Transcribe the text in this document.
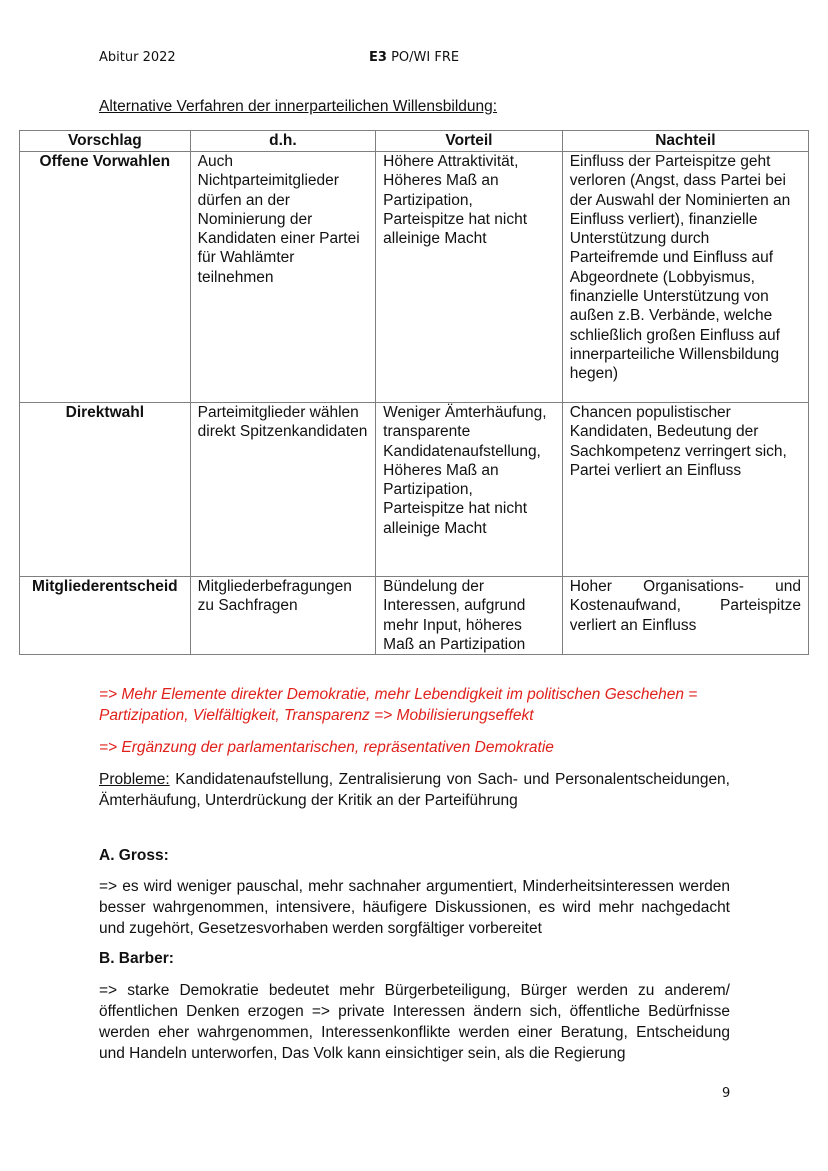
Abitur 2022	E3 PO/WI FRE
Alternative Verfahren der innerparteilichen Willensbildung:
Vorschlag	d.h.	Vorteil	Nachteil
Offene Vorwahlen	Auch Nichtparteimitglieder dürfen an der Nominierung der Kandidaten einer Partei für Wahlämter teilnehmen	Höhere Attraktivität, Höheres Maß an Partizipation, Parteispitze hat nicht alleinige Macht	Einfluss der Parteispitze geht verloren (Angst, dass Partei bei der Auswahl der Nominierten an Einfluss verliert), finanzielle Unterstützung durch Parteifremde und Einfluss auf Abgeordnete (Lobbyismus, finanzielle Unterstützung von außen z.B. Verbände, welche schließlich großen Einfluss auf innerparteiliche Willensbildung hegen)
Direktwahl	Parteimitglieder wählen direkt Spitzenkandidaten	Weniger Ämterhäufung, transparente Kandidatenaufstellung, Höheres Maß an Partizipation, Parteispitze hat nicht alleinige Macht	Chancen populistischer Kandidaten, Bedeutung der Sachkompetenz verringert sich, Partei verliert an Einfluss
Mitgliederentscheid	Mitgliederbefragungen zu Sachfragen	Bündelung der Interessen, aufgrund mehr Input, höheres Maß an Partizipation	Hoher Organisations- und Kostenaufwand, Parteispitze verliert an Einfluss
=> Mehr Elemente direkter Demokratie, mehr Lebendigkeit im politischen Geschehen = Partizipation, Vielfältigkeit, Transparenz => Mobilisierungseffekt
=> Ergänzung der parlamentarischen, repräsentativen Demokratie
Probleme: Kandidatenaufstellung, Zentralisierung von Sach- und Personalentscheidungen, Ämterhäufung, Unterdrückung der Kritik an der Parteiführung
A. Gross:
=> es wird weniger pauschal, mehr sachnaher argumentiert, Minderheitsinteressen werden besser wahrgenommen, intensivere, häufigere Diskussionen, es wird mehr nachgedacht und zugehört, Gesetzesvorhaben werden sorgfältiger vorbereitet
B. Barber:
=> starke Demokratie bedeutet mehr Bürgerbeteiligung, Bürger werden zu anderem/öffentlichen Denken erzogen => private Interessen ändern sich, öffentliche Bedürfnisse werden eher wahrgenommen, Interessenkonflikte werden einer Beratung, Entscheidung und Handeln unterworfen, Das Volk kann einsichtiger sein, als die Regierung
9
